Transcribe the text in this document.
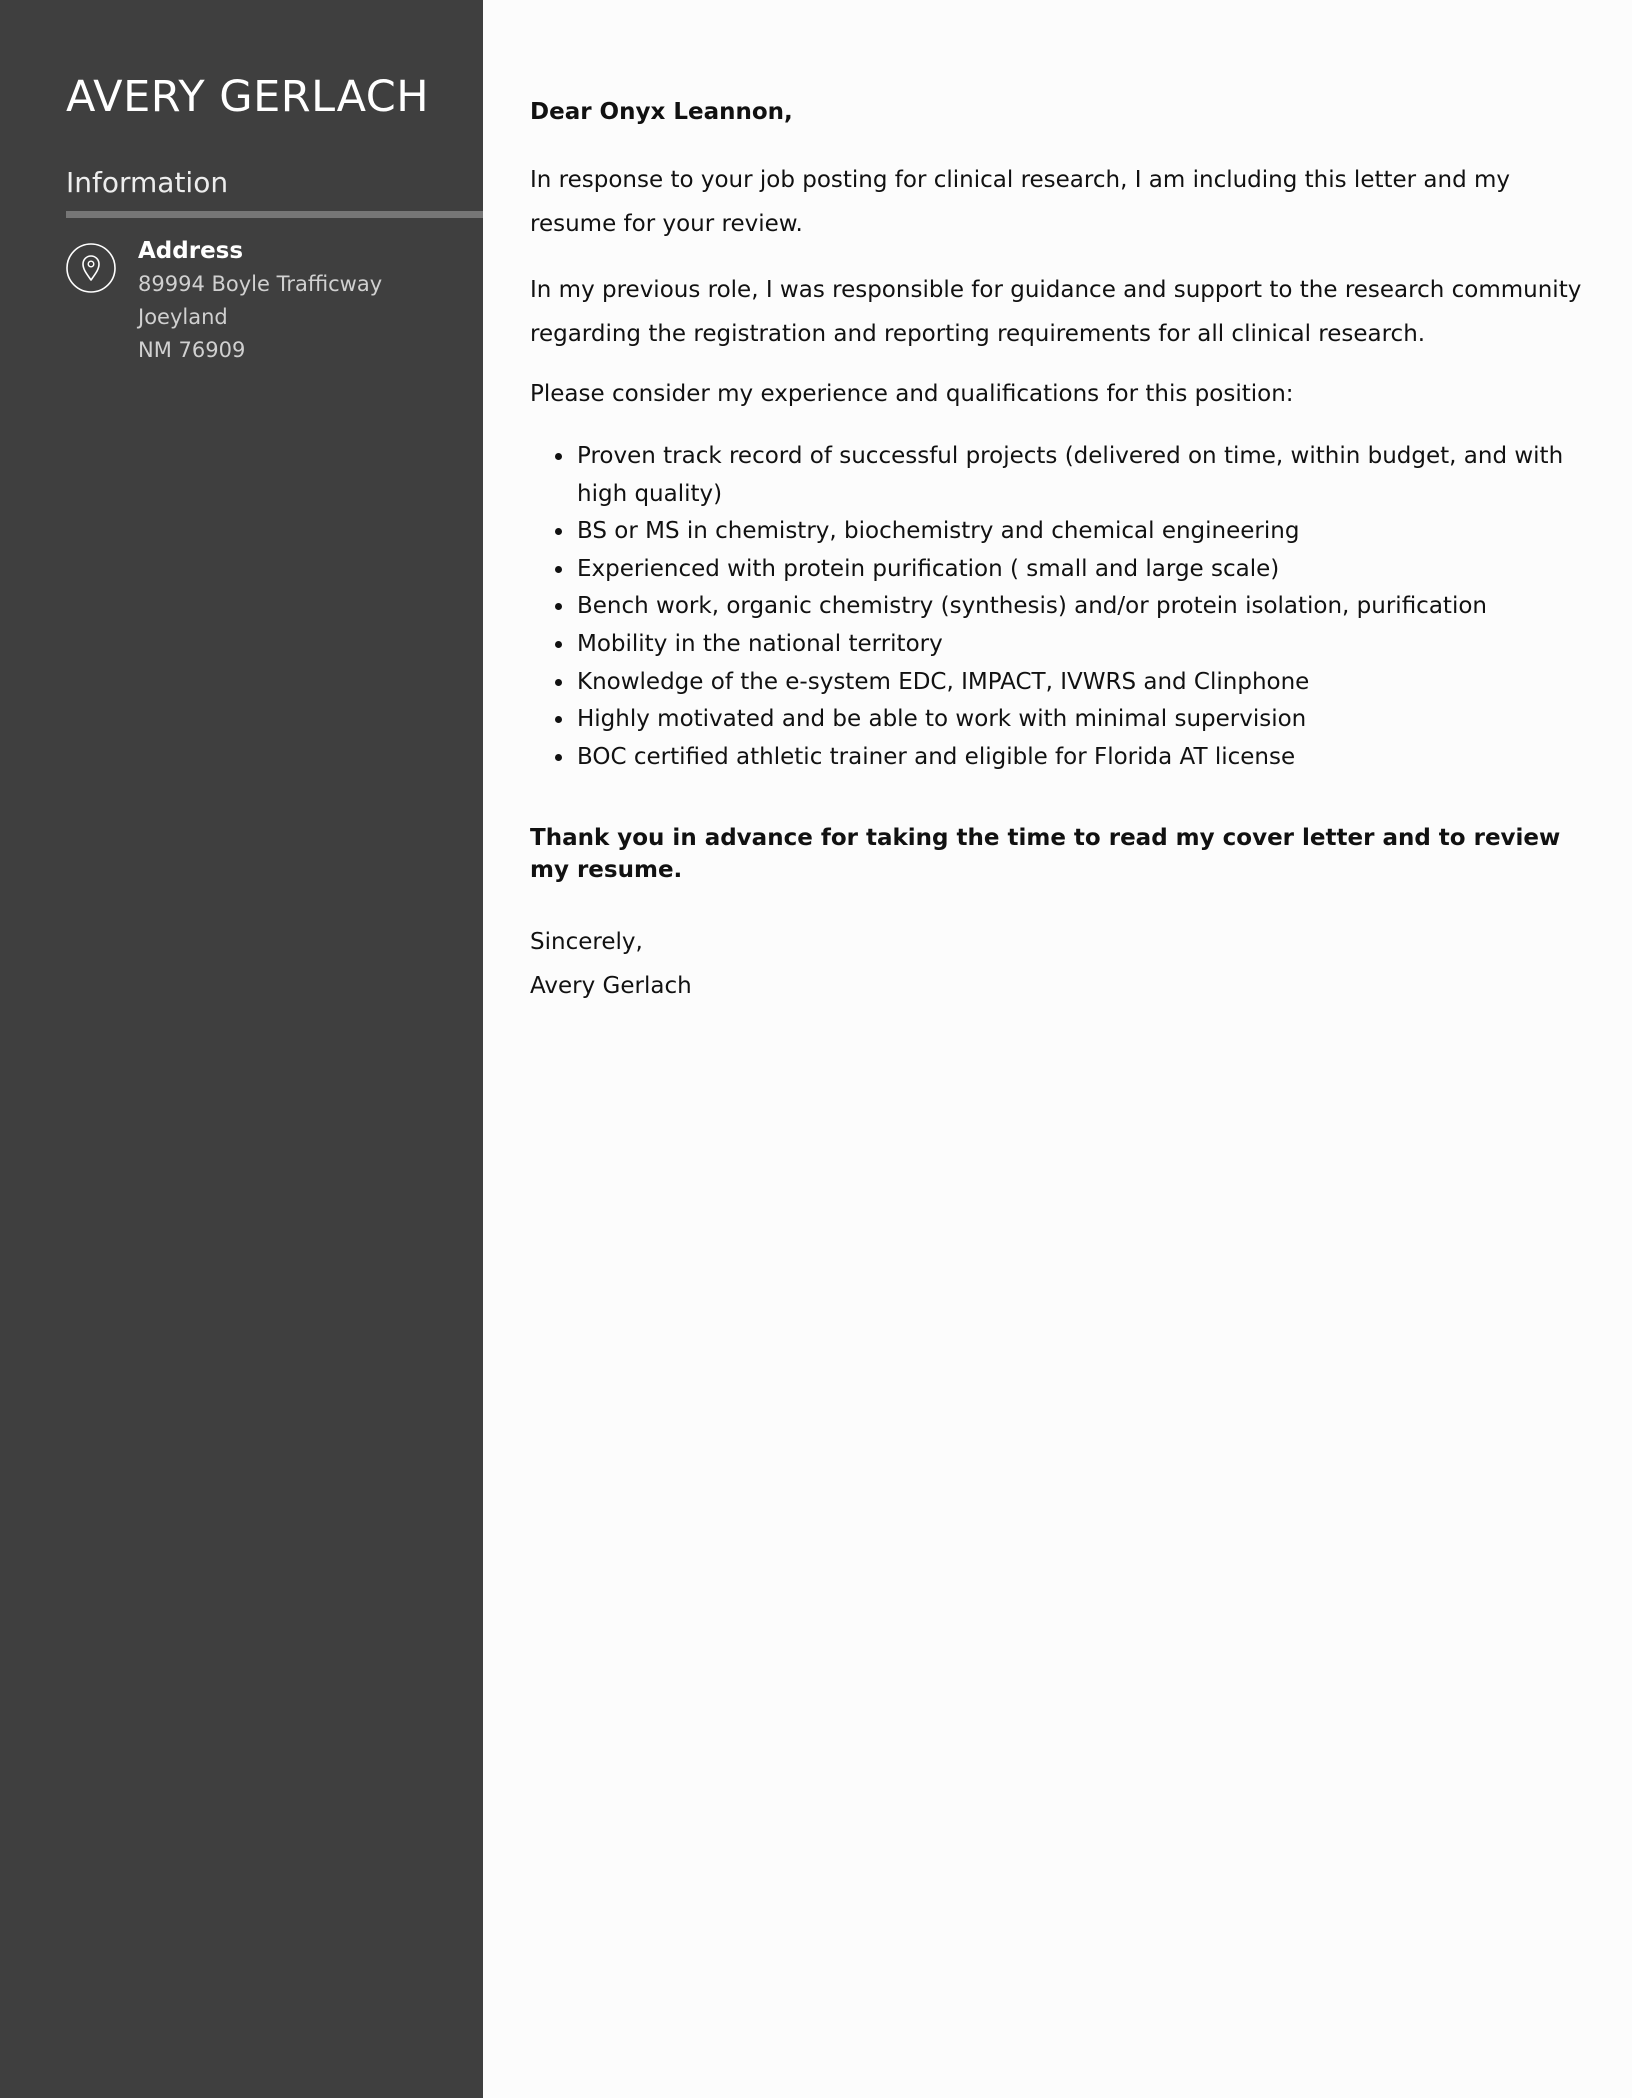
AVERY GERLACH
Information
Address
89994 Boyle Trafficway
Joeyland
NM 76909

Dear Onyx Leannon,

In response to your job posting for clinical research, I am including this letter and my resume for your review.

In my previous role, I was responsible for guidance and support to the research community regarding the registration and reporting requirements for all clinical research.

Please consider my experience and qualifications for this position:

• Proven track record of successful projects (delivered on time, within budget, and with high quality)
• BS or MS in chemistry, biochemistry and chemical engineering
• Experienced with protein purification ( small and large scale)
• Bench work, organic chemistry (synthesis) and/or protein isolation, purification
• Mobility in the national territory
• Knowledge of the e-system EDC, IMPACT, IVWRS and Clinphone
• Highly motivated and be able to work with minimal supervision
• BOC certified athletic trainer and eligible for Florida AT license

Thank you in advance for taking the time to read my cover letter and to review my resume.

Sincerely,

Avery Gerlach
